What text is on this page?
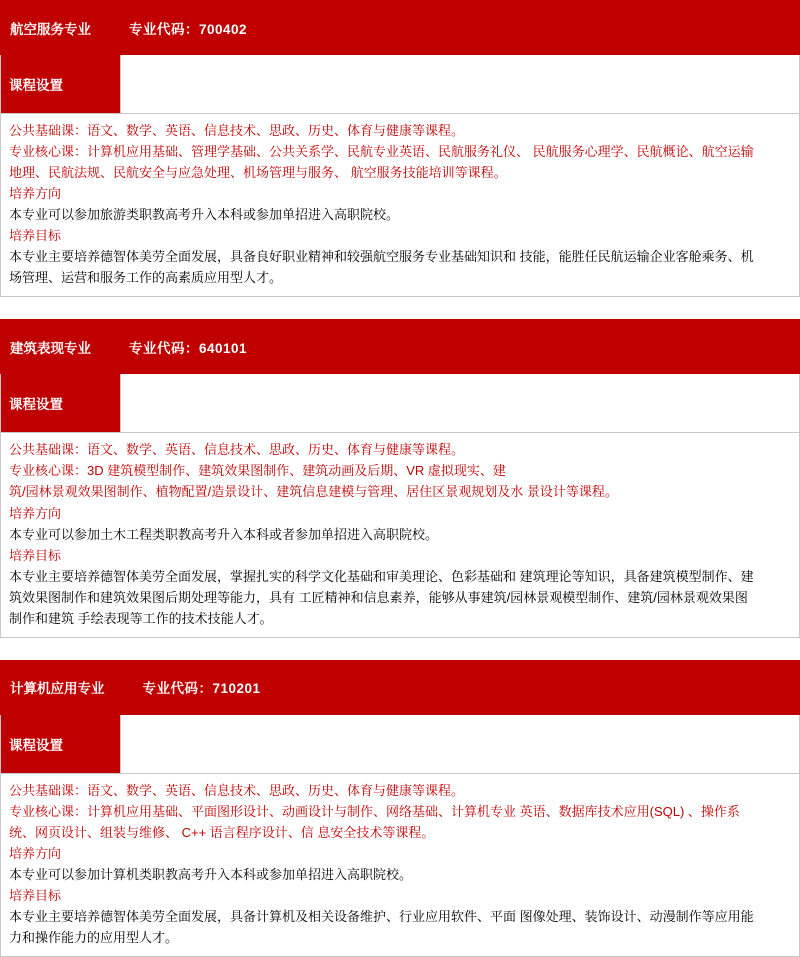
航空服务专业	专业代码：700402
课程设置

公共基础课：语文、数学、英语、信息技术、思政、历史、体育与健康等课程。

专业核心课：计算机应用基础、管理学基础、公共关系学、民航专业英语、民航服务礼仪、 民航服务心理学、民航概论、航空运输

地理、民航法规、民航安全与应急处理、机场管理与服务、 航空服务技能培训等课程。

培养方向

本专业可以参加旅游类职教高考升入本科或参加单招进入高职院校。

培养目标

本专业主要培养德智体美劳全面发展，具备良好职业精神和较强航空服务专业基础知识和 技能，能胜任民航运输企业客舱乘务、机

场管理、运营和服务工作的高素质应用型人才。

建筑表现专业	专业代码：640101
课程设置

公共基础课：语文、数学、英语、信息技术、思政、历史、体育与健康等课程。

专业核心课：3D 建筑模型制作、建筑效果图制作、建筑动画及后期、VR 虚拟现实、建

筑/园林景观效果图制作、植物配置/造景设计、建筑信息建模与管理、居住区景观规划及水 景设计等课程。

培养方向

本专业可以参加土木工程类职教高考升入本科或者参加单招进入高职院校。

培养目标

本专业主要培养德智体美劳全面发展，掌握扎实的科学文化基础和审美理论、色彩基础和 建筑理论等知识，具备建筑模型制作、建

筑效果图制作和建筑效果图后期处理等能力，具有 工匠精神和信息素养，能够从事建筑/园林景观模型制作、建筑/园林景观效果图

制作和建筑 手绘表现等工作的技术技能人才。

计算机应用专业	专业代码：710201
课程设置

公共基础课：语文、数学、英语、信息技术、思政、历史、体育与健康等课程。

专业核心课：计算机应用基础、平面图形设计、动画设计与制作、网络基础、计算机专业 英语、数据库技术应用(SQL) 、操作系

统、网页设计、组装与维修、 C++ 语言程序设计、信 息安全技术等课程。

培养方向

本专业可以参加计算机类职教高考升入本科或参加单招进入高职院校。

培养目标

本专业主要培养德智体美劳全面发展，具备计算机及相关设备维护、行业应用软件、平面 图像处理、装饰设计、动漫制作等应用能

力和操作能力的应用型人才。
